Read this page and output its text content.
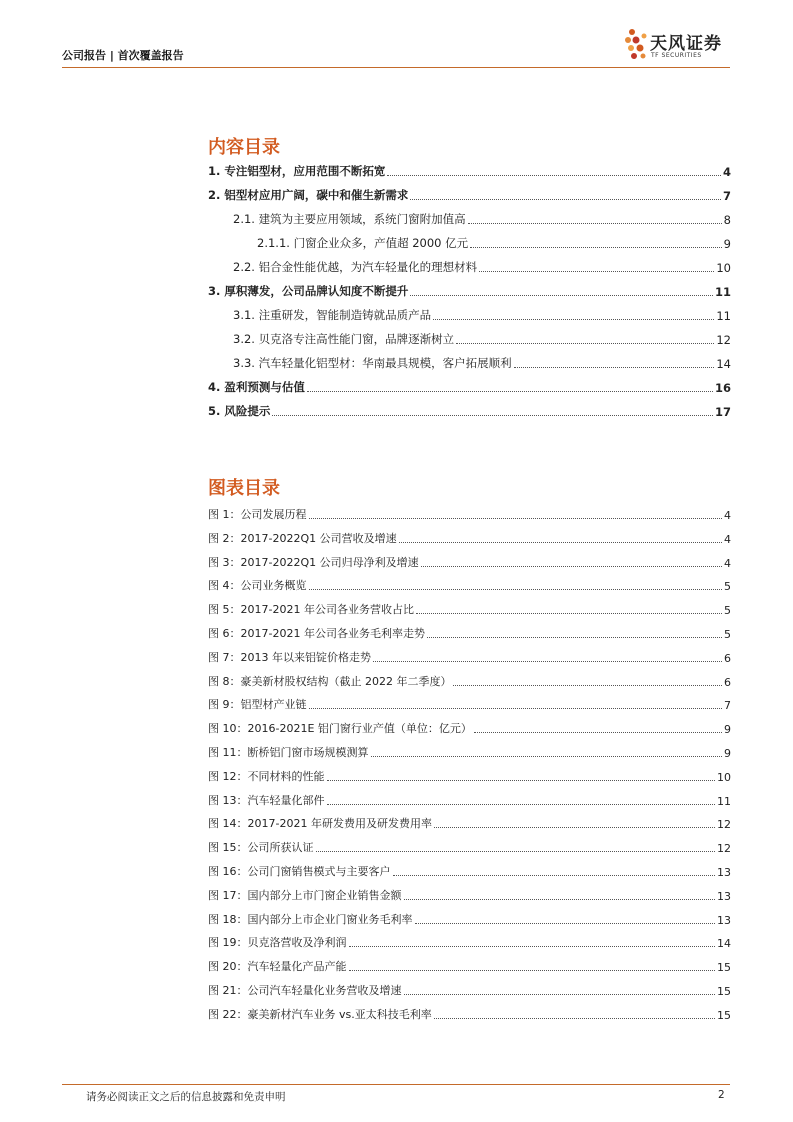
公司报告 | 首次覆盖报告
天风证券
TF SECURITIES
内容目录
1. 专注铝型材，应用范围不断拓宽	4
2. 铝型材应用广阔，碳中和催生新需求	7
2.1. 建筑为主要应用领域，系统门窗附加值高	8
2.1.1. 门窗企业众多，产值超 2000 亿元	9
2.2. 铝合金性能优越，为汽车轻量化的理想材料	10
3. 厚积薄发，公司品牌认知度不断提升	11
3.1. 注重研发，智能制造铸就品质产品	11
3.2. 贝克洛专注高性能门窗，品牌逐渐树立	12
3.3. 汽车轻量化铝型材：华南最具规模，客户拓展顺利	14
4. 盈利预测与估值	16
5. 风险提示	17
图表目录
图 1：公司发展历程	4
图 2：2017-2022Q1 公司营收及增速	4
图 3：2017-2022Q1 公司归母净利及增速	4
图 4：公司业务概览	5
图 5：2017-2021 年公司各业务营收占比	5
图 6：2017-2021 年公司各业务毛利率走势	5
图 7：2013 年以来铝锭价格走势	6
图 8：豪美新材股权结构（截止 2022 年二季度）	6
图 9：铝型材产业链	7
图 10：2016-2021E 铝门窗行业产值（单位：亿元）	9
图 11：断桥铝门窗市场规模测算	9
图 12：不同材料的性能	10
图 13：汽车轻量化部件	11
图 14：2017-2021 年研发费用及研发费用率	12
图 15：公司所获认证	12
图 16：公司门窗销售模式与主要客户	13
图 17：国内部分上市门窗企业销售金额	13
图 18：国内部分上市企业门窗业务毛利率	13
图 19：贝克洛营收及净利润	14
图 20：汽车轻量化产品产能	15
图 21：公司汽车轻量化业务营收及增速	15
图 22：豪美新材汽车业务 vs.亚太科技毛利率	15
请务必阅读正文之后的信息披露和免责申明	2
